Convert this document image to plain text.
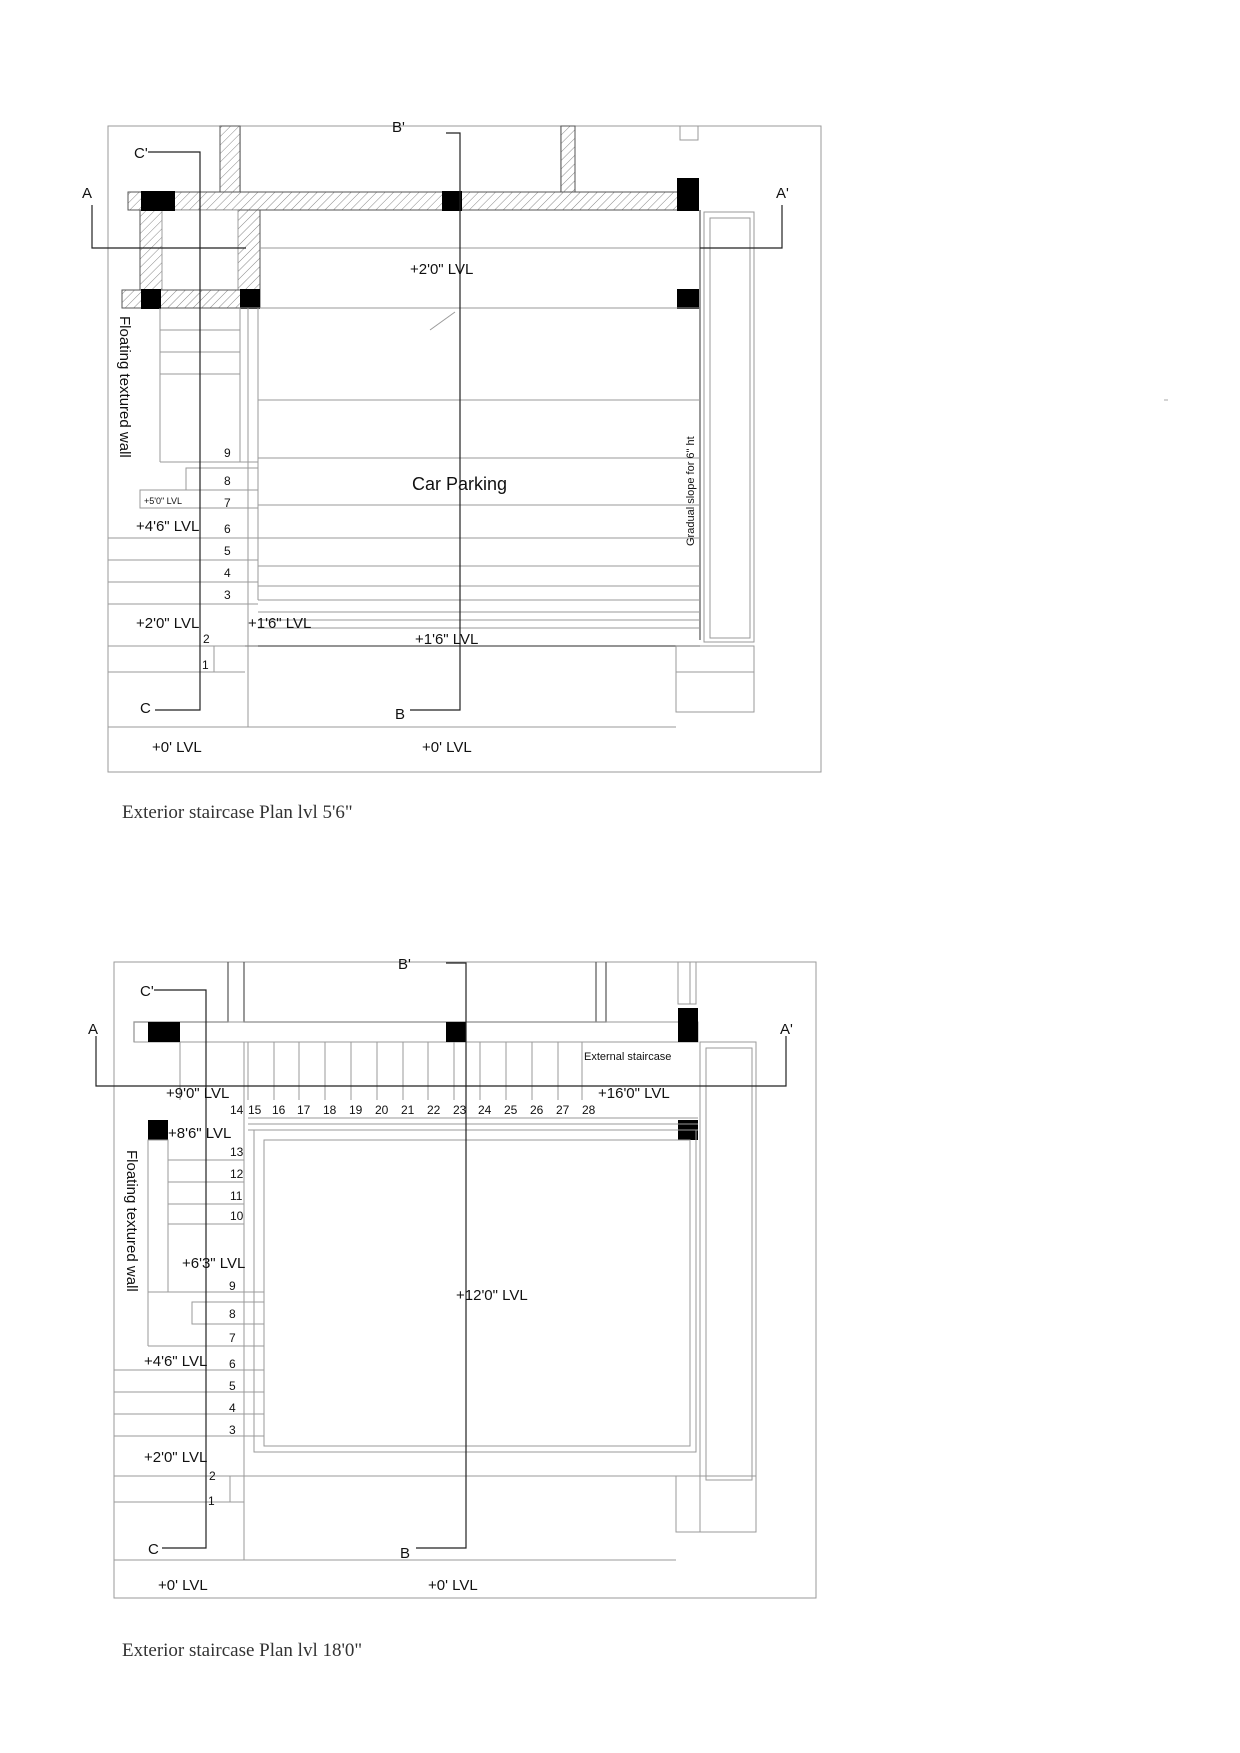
A	A'
B'
B
C'
C
+2'0" LVL
Floating textured wall
Gradual slope for 6" ht
Car Parking
+5'0" LVL
+4'6" LVL
+2'0" LVL	+1'6" LVL
+1'6" LVL
+0' LVL	+0' LVL
1
2
3
4
5
6
7
8
9
Exterior staircase Plan lvl 5'6"
A	A'
B'
B
C'
C
External staircase
+9'0" LVL	+16'0" LVL
+8'6" LVL
Floating textured wall	+6'3" LVL
+12'0" LVL
+4'6" LVL
+2'0" LVL
+0' LVL	+0' LVL
1
2
3
4
5
6
7
8
9
10
11
12
13
14 15 16 17 18 19 20 21 22 23 24 25 26 27 28
Exterior staircase Plan lvl 18'0"
